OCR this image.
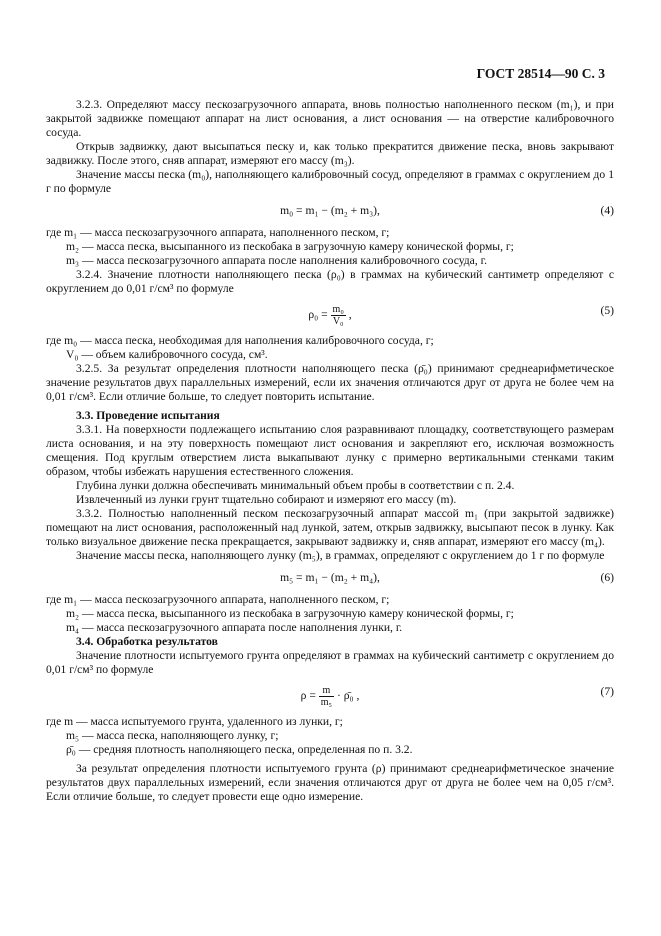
ГОСТ 28514—90 С. 3

3.2.3. Определяют массу пескозагрузочного аппарата, вновь полностью наполненного песком (m₁), и при закрытой задвижке помещают аппарат на лист основания, а лист основания — на отверстие калибровочного сосуда.

Открыв задвижку, дают высыпаться песку и, как только прекратится движение песка, вновь закрывают задвижку. После этого, сняв аппарат, измеряют его массу (m₃).

Значение массы песка (m₀), наполняющего калибровочный сосуд, определяют в граммах с округлением до 1 г по формуле

m₀ = m₁ − (m₂ + m₃),	(4)

где m₁ — масса пескозагрузочного аппарата, наполненного песком, г;

m₂ — масса песка, высыпанного из пескобака в загрузочную камеру конической формы, г;

m₃ — масса пескозагрузочного аппарата после наполнения калибровочного сосуда, г.

3.2.4. Значение плотности наполняющего песка (ρ₀) в граммах на кубический сантиметр определяют с округлением до 0,01 г/см³ по формуле

$\rho_0 = \frac{\text{m₀}}{\text{V₀}}$ ,	(5)

где m₀ — масса песка, необходимая для наполнения калибровочного сосуда, г;

V₀ — объем калибровочного сосуда, см³.

3.2.5. За результат определения плотности наполняющего песка (ρ̄₀) принимают среднеарифметическое значение результатов двух параллельных измерений, если их значения отличаются друг от друга не более чем на 0,01 г/см³. Если отличие больше, то следует повторить испытание.

3.3. Проведение испытания

3.3.1. На поверхности подлежащего испытанию слоя разравнивают площадку, соответствующего размерам листа основания, и на эту поверхность помещают лист основания и закрепляют его, исключая возможность смещения. Под круглым отверстием листа выкапывают лунку с примерно вертикальными стенками таким образом, чтобы избежать нарушения естественного сложения.

Глубина лунки должна обеспечивать минимальный объем пробы в соответствии с п. 2.4.

Извлеченный из лунки грунт тщательно собирают и измеряют его массу (m).

3.3.2. Полностью наполненный песком пескозагрузочный аппарат массой m₁ (при закрытой задвижке) помещают на лист основания, расположенный над лункой, затем, открыв задвижку, высыпают песок в лунку. Как только визуальное движение песка прекращается, закрывают задвижку и, сняв аппарат, измеряют его массу (m₄).

Значение массы песка, наполняющего лунку (m₅), в граммах, определяют с округлением до 1 г по формуле

m₅ = m₁ − (m₂ + m₄),	(6)

где m₁ — масса пескозагрузочного аппарата, наполненного песком, г;

m₂ — масса песка, высыпанного из пескобака в загрузочную камеру конической формы, г;

m₄ — масса пескозагрузочного аппарата после наполнения лунки, г.

3.4. Обработка результатов

Значение плотности испытуемого грунта определяют в граммах на кубический сантиметр с округлением до 0,01 г/см³ по формуле

$\rho = \frac{m}{\text{m₅}}$ · ρ̄₀ ,	(7)

где m — масса испытуемого грунта, удаленного из лунки, г;

m₅ — масса песка, наполняющего лунку, г;

ρ̄₀ — средняя плотность наполняющего песка, определенная по п. 3.2.

За результат определения плотности испытуемого грунта (ρ) принимают среднеарифметическое значение результатов двух параллельных измерений, если значения отличаются друг от друга не более чем на 0,05 г/см³. Если отличие больше, то следует провести еще одно измерение.
